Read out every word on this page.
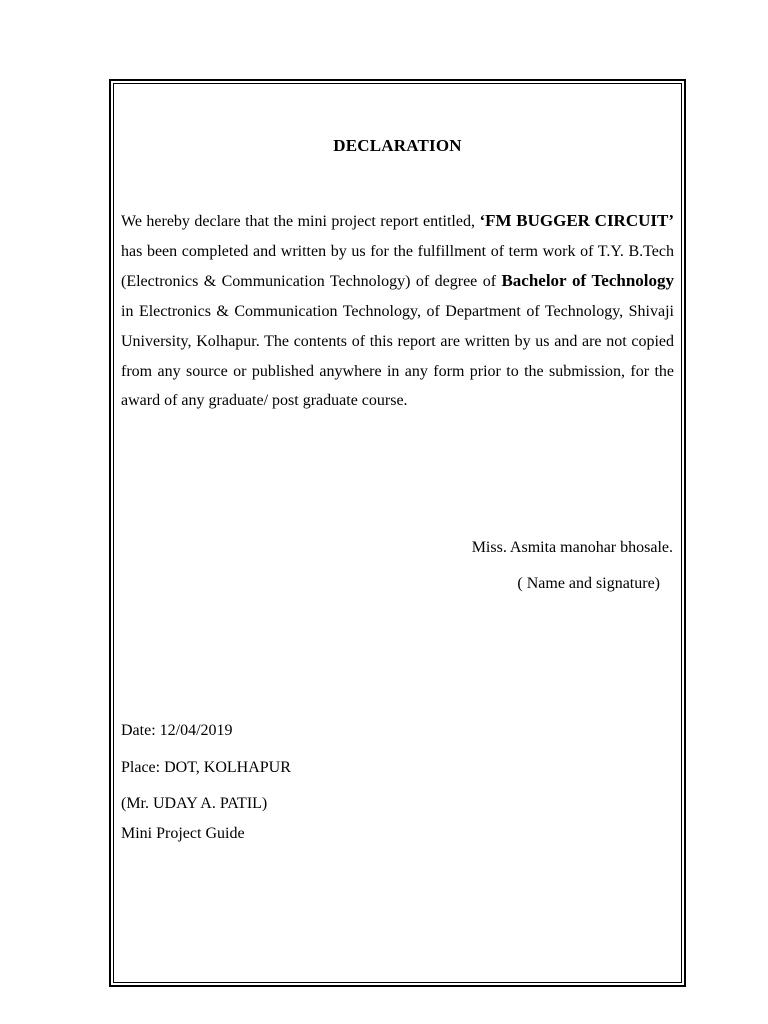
DECLARATION

We hereby declare that the mini project report entitled, ‘FM BUGGER CIRCUIT’ has been completed and written by us for the fulfillment of term work of T.Y. B.Tech (Electronics & Communication Technology) of degree of Bachelor of Technology in Electronics & Communication Technology, of Department of Technology, Shivaji University, Kolhapur. The contents of this report are written by us and are not copied from any source or published anywhere in any form prior to the submission, for the award of any graduate/ post graduate course.

Miss. Asmita manohar bhosale.
( Name and signature)
Date: 12/04/2019
Place: DOT, KOLHAPUR
(Mr. UDAY A. PATIL)
Mini Project Guide
